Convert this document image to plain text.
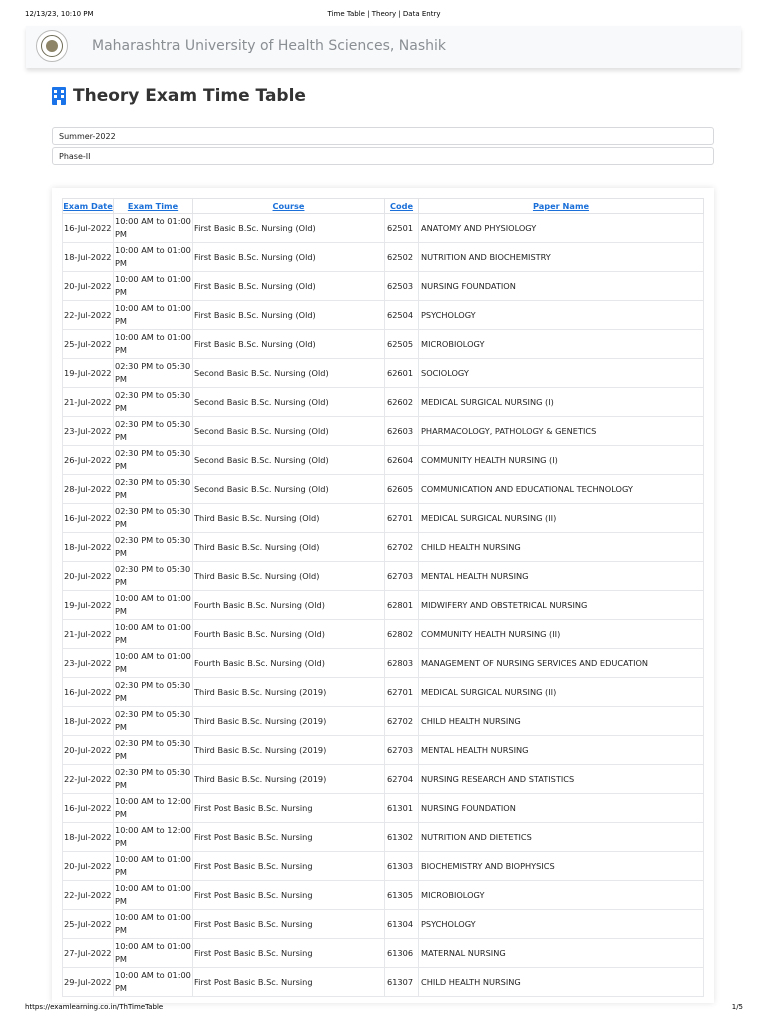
12/13/23, 10:10 PM	Time Table | Theory | Data Entry
Maharashtra University of Health Sciences, Nashik
Theory Exam Time Table
Summer-2022
Phase-II
Exam Date	Exam Time	Course	Code	Paper Name
16-Jul-2022	10:00 AM to 01:00 PM	First Basic B.Sc. Nursing (Old)	62501	ANATOMY AND PHYSIOLOGY
18-Jul-2022	10:00 AM to 01:00 PM	First Basic B.Sc. Nursing (Old)	62502	NUTRITION AND BIOCHEMISTRY
20-Jul-2022	10:00 AM to 01:00 PM	First Basic B.Sc. Nursing (Old)	62503	NURSING FOUNDATION
22-Jul-2022	10:00 AM to 01:00 PM	First Basic B.Sc. Nursing (Old)	62504	PSYCHOLOGY
25-Jul-2022	10:00 AM to 01:00 PM	First Basic B.Sc. Nursing (Old)	62505	MICROBIOLOGY
19-Jul-2022	02:30 PM to 05:30 PM	Second Basic B.Sc. Nursing (Old)	62601	SOCIOLOGY
21-Jul-2022	02:30 PM to 05:30 PM	Second Basic B.Sc. Nursing (Old)	62602	MEDICAL SURGICAL NURSING (I)
23-Jul-2022	02:30 PM to 05:30 PM	Second Basic B.Sc. Nursing (Old)	62603	PHARMACOLOGY, PATHOLOGY & GENETICS
26-Jul-2022	02:30 PM to 05:30 PM	Second Basic B.Sc. Nursing (Old)	62604	COMMUNITY HEALTH NURSING (I)
28-Jul-2022	02:30 PM to 05:30 PM	Second Basic B.Sc. Nursing (Old)	62605	COMMUNICATION AND EDUCATIONAL TECHNOLOGY
16-Jul-2022	02:30 PM to 05:30 PM	Third Basic B.Sc. Nursing (Old)	62701	MEDICAL SURGICAL NURSING (II)
18-Jul-2022	02:30 PM to 05:30 PM	Third Basic B.Sc. Nursing (Old)	62702	CHILD HEALTH NURSING
20-Jul-2022	02:30 PM to 05:30 PM	Third Basic B.Sc. Nursing (Old)	62703	MENTAL HEALTH NURSING
19-Jul-2022	10:00 AM to 01:00 PM	Fourth Basic B.Sc. Nursing (Old)	62801	MIDWIFERY AND OBSTETRICAL NURSING
21-Jul-2022	10:00 AM to 01:00 PM	Fourth Basic B.Sc. Nursing (Old)	62802	COMMUNITY HEALTH NURSING (II)
23-Jul-2022	10:00 AM to 01:00 PM	Fourth Basic B.Sc. Nursing (Old)	62803	MANAGEMENT OF NURSING SERVICES AND EDUCATION
16-Jul-2022	02:30 PM to 05:30 PM	Third Basic B.Sc. Nursing (2019)	62701	MEDICAL SURGICAL NURSING (II)
18-Jul-2022	02:30 PM to 05:30 PM	Third Basic B.Sc. Nursing (2019)	62702	CHILD HEALTH NURSING
20-Jul-2022	02:30 PM to 05:30 PM	Third Basic B.Sc. Nursing (2019)	62703	MENTAL HEALTH NURSING
22-Jul-2022	02:30 PM to 05:30 PM	Third Basic B.Sc. Nursing (2019)	62704	NURSING RESEARCH AND STATISTICS
16-Jul-2022	10:00 AM to 12:00 PM	First Post Basic B.Sc. Nursing	61301	NURSING FOUNDATION
18-Jul-2022	10:00 AM to 12:00 PM	First Post Basic B.Sc. Nursing	61302	NUTRITION AND DIETETICS
20-Jul-2022	10:00 AM to 01:00 PM	First Post Basic B.Sc. Nursing	61303	BIOCHEMISTRY AND BIOPHYSICS
22-Jul-2022	10:00 AM to 01:00 PM	First Post Basic B.Sc. Nursing	61305	MICROBIOLOGY
25-Jul-2022	10:00 AM to 01:00 PM	First Post Basic B.Sc. Nursing	61304	PSYCHOLOGY
27-Jul-2022	10:00 AM to 01:00 PM	First Post Basic B.Sc. Nursing	61306	MATERNAL NURSING
29-Jul-2022	10:00 AM to 01:00 PM	First Post Basic B.Sc. Nursing	61307	CHILD HEALTH NURSING
https://examlearning.co.in/ThTimeTable	1/5
